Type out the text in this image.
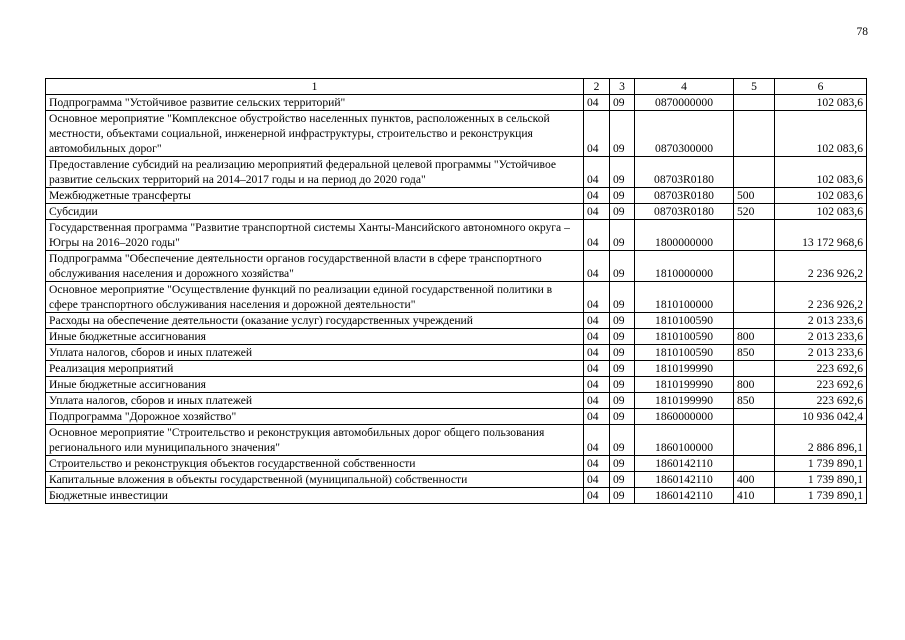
78
1	2	3	4	5	6
Подпрограмма "Устойчивое развитие сельских территорий"	04	09	0870000000		102 083,6
Основное мероприятие "Комплексное обустройство населенных пунктов, расположенных в сельской местности, объектами социальной, инженерной инфраструктуры, строительство и реконструкция автомобильных дорог"	04	09	0870300000		102 083,6
Предоставление субсидий на реализацию мероприятий федеральной целевой программы "Устойчивое развитие сельских территорий на 2014–2017 годы и на период до 2020 года"	04	09	08703R0180		102 083,6
Межбюджетные трансферты	04	09	08703R0180	500	102 083,6
Субсидии	04	09	08703R0180	520	102 083,6
Государственная программа "Развитие транспортной системы Ханты-Мансийского автономного округа – Югры на 2016–2020 годы"	04	09	1800000000		13 172 968,6
Подпрограмма "Обеспечение деятельности органов государственной власти в сфере транспортного обслуживания населения и дорожного хозяйства"	04	09	1810000000		2 236 926,2
Основное мероприятие "Осуществление функций по реализации единой государственной политики в сфере транспортного обслуживания населения и дорожной деятельности"	04	09	1810100000		2 236 926,2
Расходы на обеспечение деятельности (оказание услуг) государственных учреждений	04	09	1810100590		2 013 233,6
Иные бюджетные ассигнования	04	09	1810100590	800	2 013 233,6
Уплата налогов, сборов и иных платежей	04	09	1810100590	850	2 013 233,6
Реализация мероприятий	04	09	1810199990		223 692,6
Иные бюджетные ассигнования	04	09	1810199990	800	223 692,6
Уплата налогов, сборов и иных платежей	04	09	1810199990	850	223 692,6
Подпрограмма "Дорожное хозяйство"	04	09	1860000000		10 936 042,4
Основное мероприятие "Строительство и реконструкция автомобильных дорог общего пользования регионального или муниципального значения"	04	09	1860100000		2 886 896,1
Строительство и реконструкция объектов государственной собственности	04	09	1860142110		1 739 890,1
Капитальные вложения в объекты государственной (муниципальной) собственности	04	09	1860142110	400	1 739 890,1
Бюджетные инвестиции	04	09	1860142110	410	1 739 890,1
